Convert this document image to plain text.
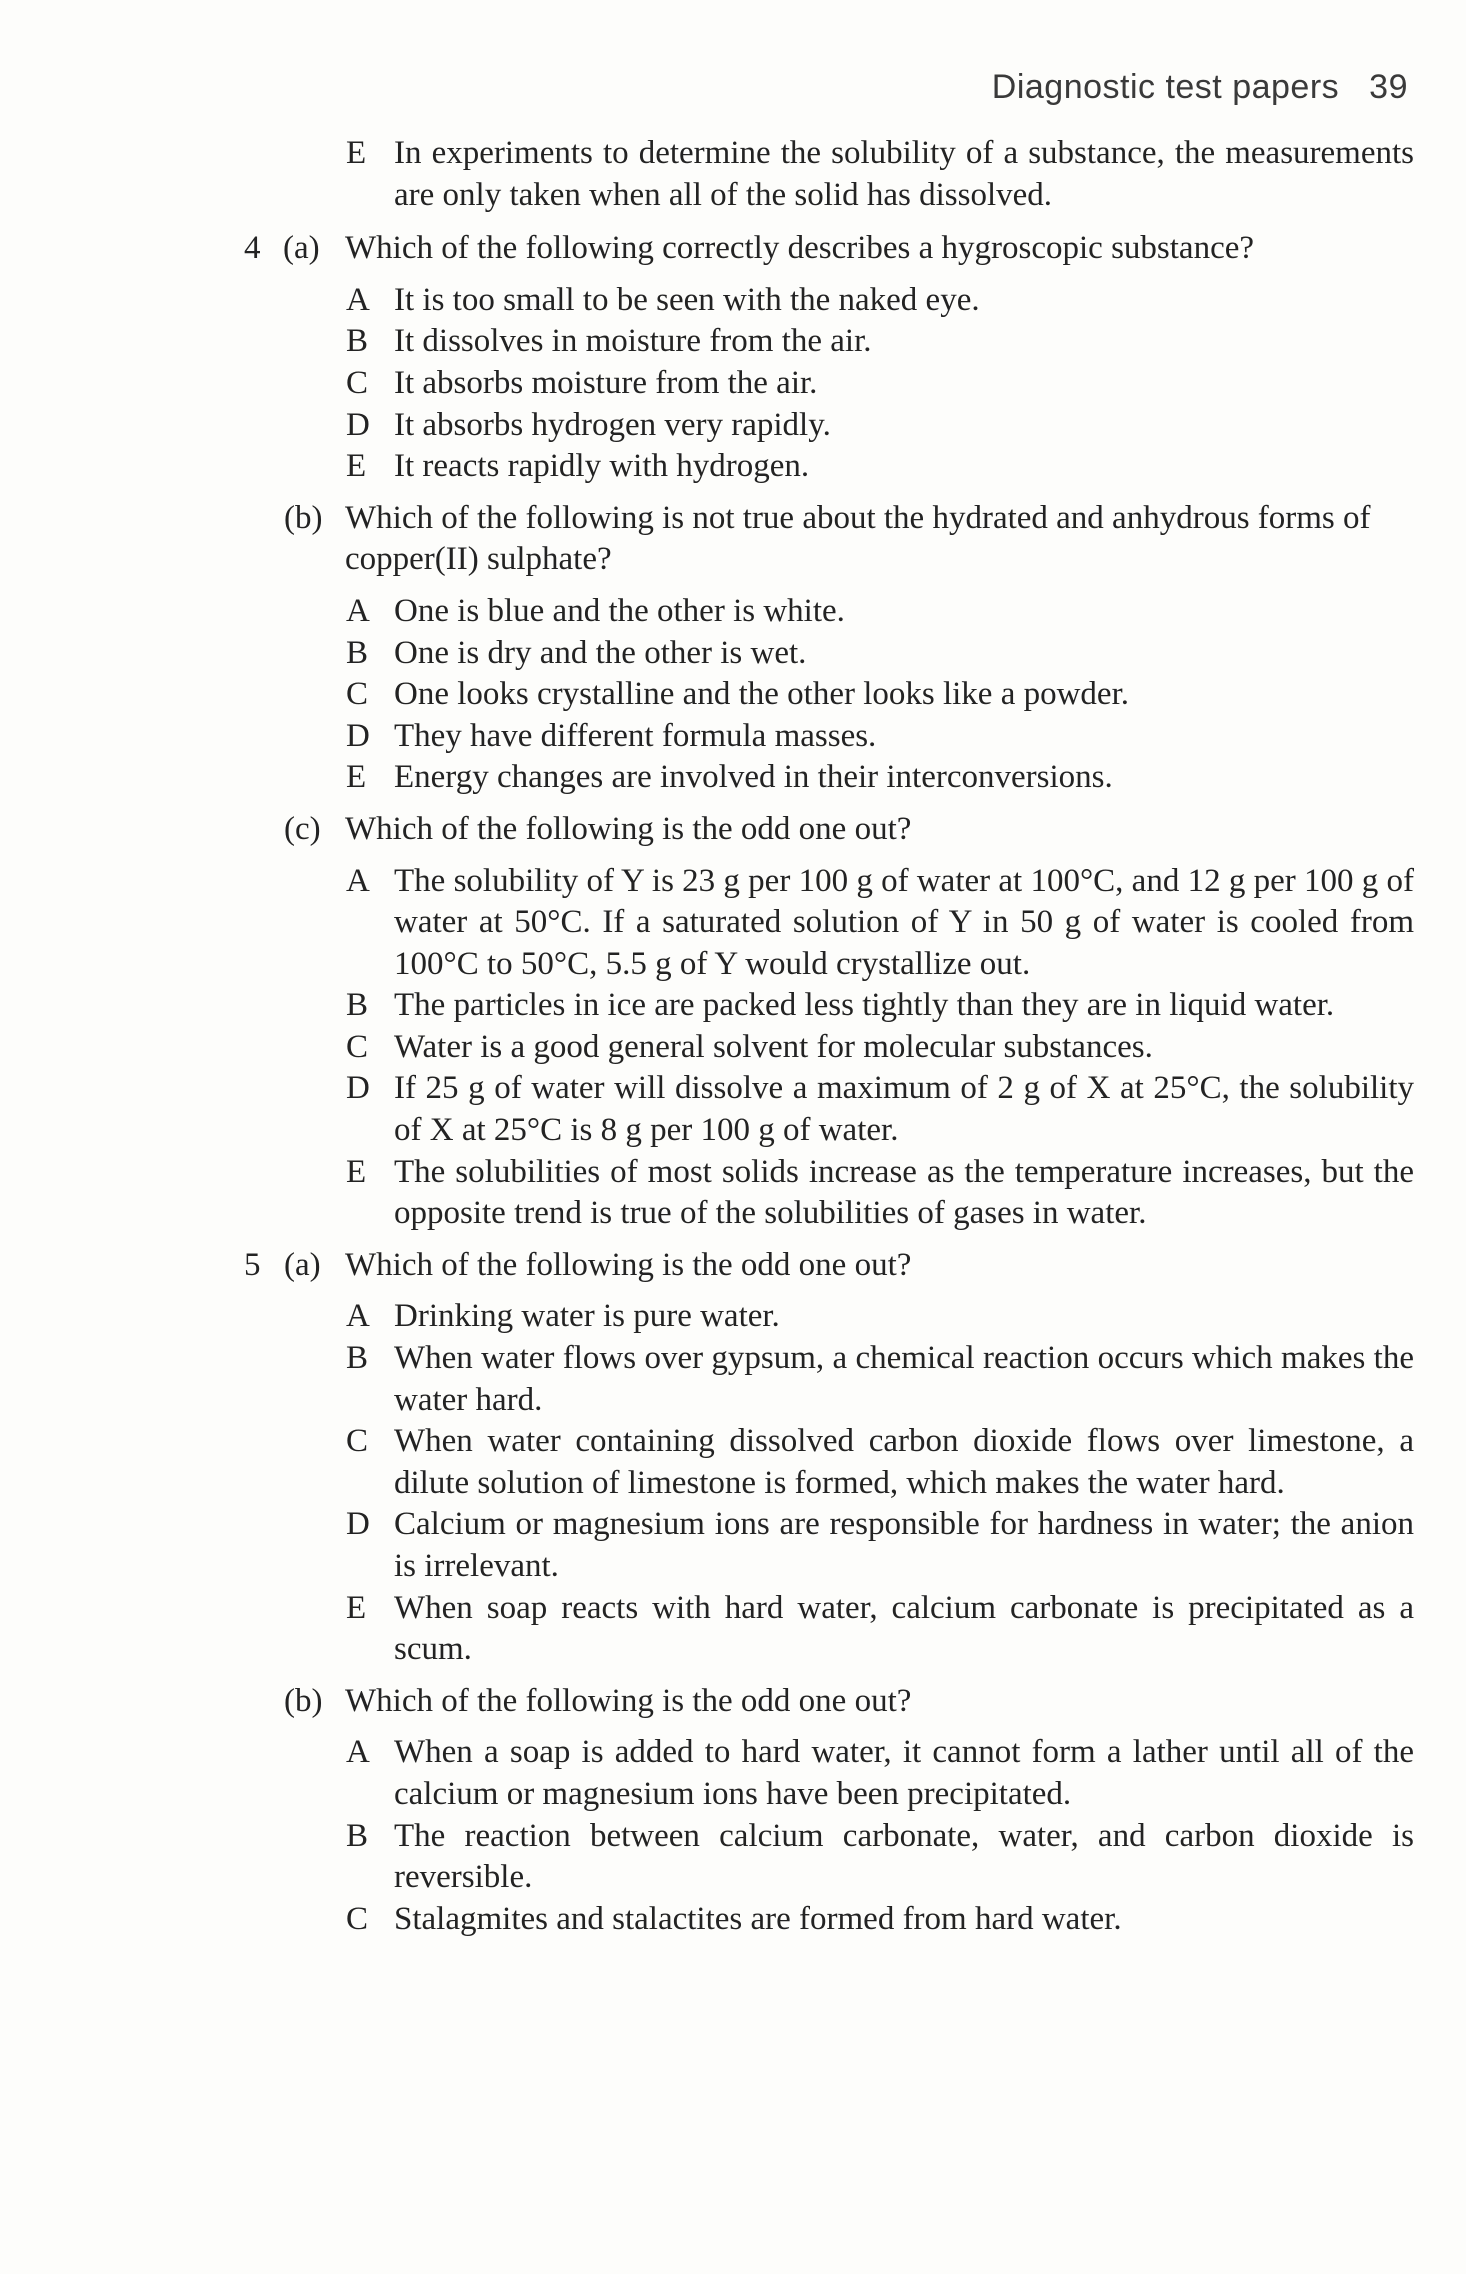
Diagnostic test papers 39
E In experiments to determine the solubility of a substance, the measurements are only taken when all of the solid has dissolved.
4 (a) Which of the following correctly describes a hygroscopic substance?
A It is too small to be seen with the naked eye.
B It dissolves in moisture from the air.
C It absorbs moisture from the air.
D It absorbs hydrogen very rapidly.
E It reacts rapidly with hydrogen.
(b) Which of the following is not true about the hydrated and anhydrous forms of copper(II) sulphate?
A One is blue and the other is white.
B One is dry and the other is wet.
C One looks crystalline and the other looks like a powder.
D They have different formula masses.
E Energy changes are involved in their interconversions.
(c) Which of the following is the odd one out?
A The solubility of Y is 23 g per 100 g of water at 100°C, and 12 g per 100 g of water at 50°C. If a saturated solution of Y in 50 g of water is cooled from 100°C to 50°C, 5.5 g of Y would crystallize out.
B The particles in ice are packed less tightly than they are in liquid water.
C Water is a good general solvent for molecular substances.
D If 25 g of water will dissolve a maximum of 2 g of X at 25°C, the solubility of X at 25°C is 8 g per 100 g of water.
E The solubilities of most solids increase as the temperature increases, but the opposite trend is true of the solubilities of gases in water.
5 (a) Which of the following is the odd one out?
A Drinking water is pure water.
B When water flows over gypsum, a chemical reaction occurs which makes the water hard.
C When water containing dissolved carbon dioxide flows over limestone, a dilute solution of limestone is formed, which makes the water hard.
D Calcium or magnesium ions are responsible for hardness in water; the anion is irrelevant.
E When soap reacts with hard water, calcium carbonate is precipitated as a scum.
(b) Which of the following is the odd one out?
A When a soap is added to hard water, it cannot form a lather until all of the calcium or magnesium ions have been precipitated.
B The reaction between calcium carbonate, water, and carbon dioxide is reversible.
C Stalagmites and stalactites are formed from hard water.
